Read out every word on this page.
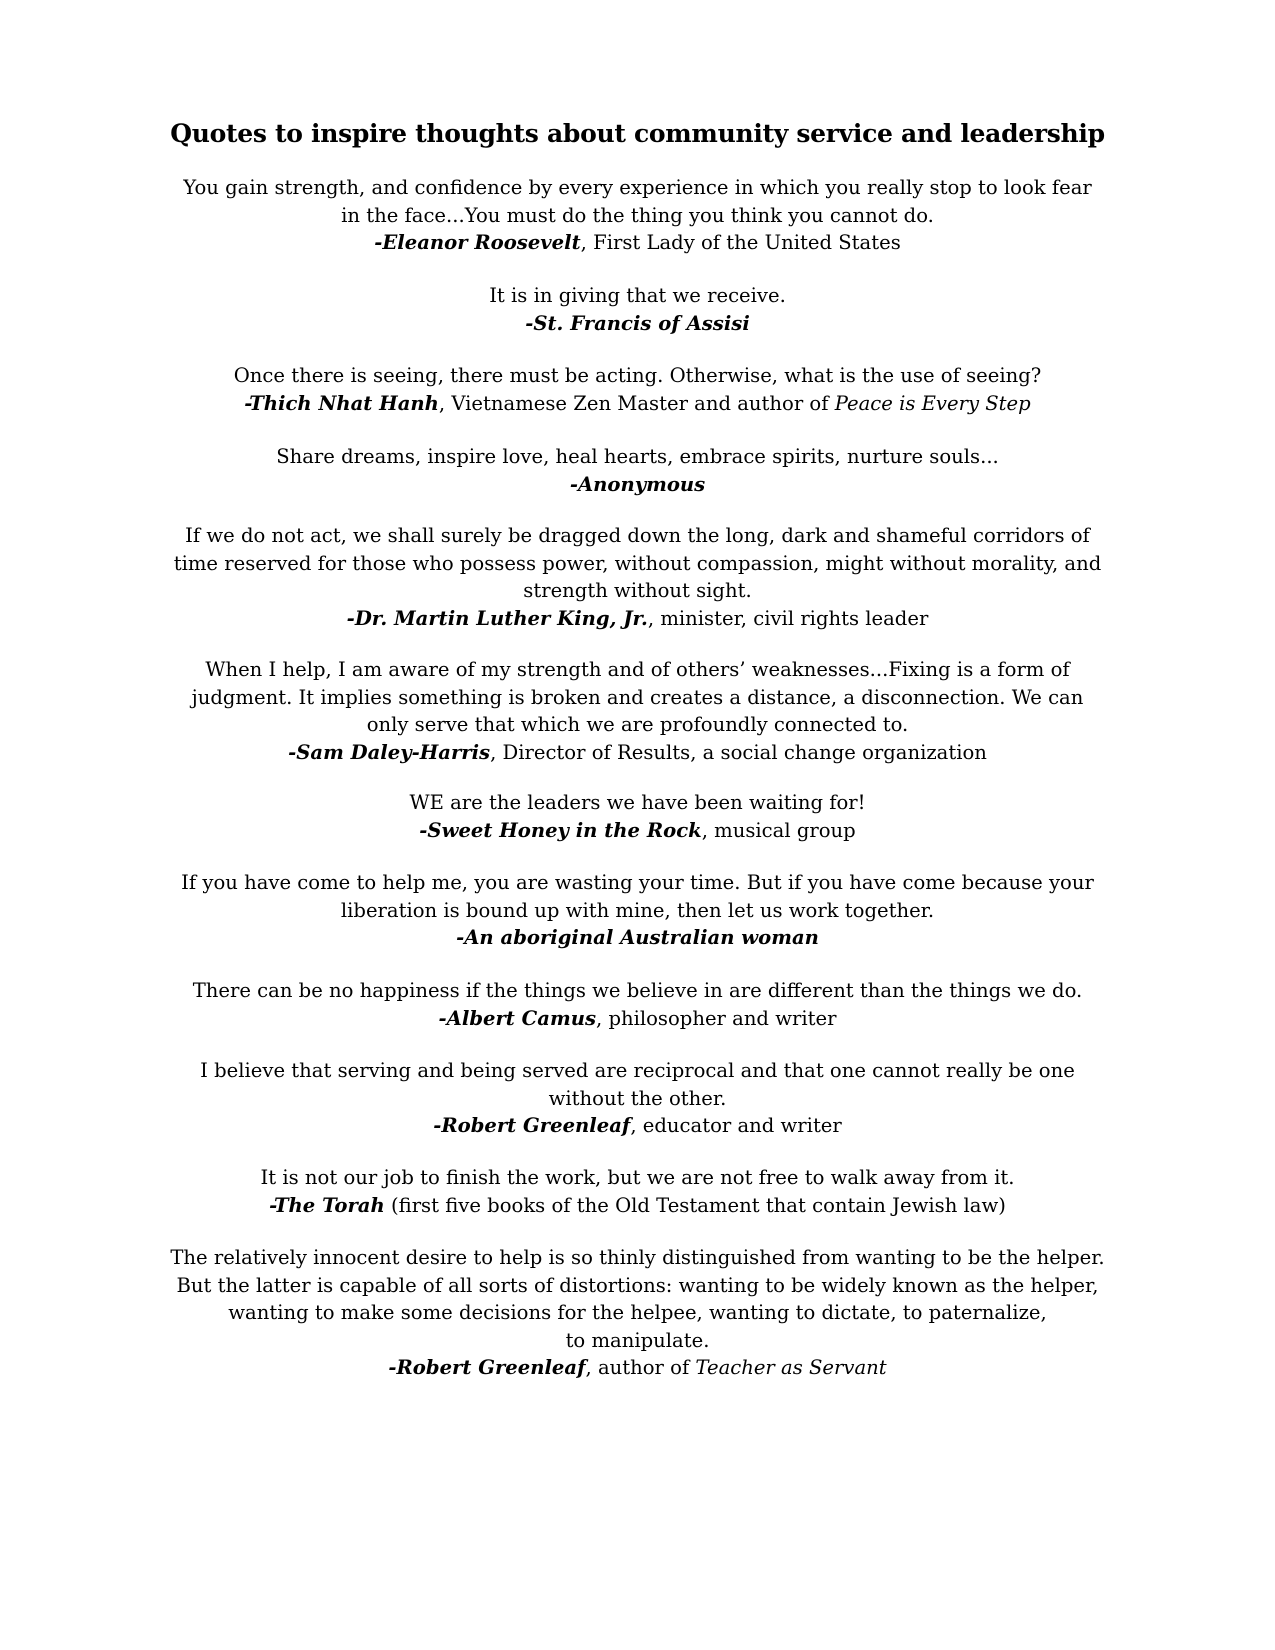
Quotes to inspire thoughts about community service and leadership
You gain strength, and confidence by every experience in which you really stop to look fear
in the face...You must do the thing you think you cannot do.
-Eleanor Roosevelt, First Lady of the United States
It is in giving that we receive.
-St. Francis of Assisi
Once there is seeing, there must be acting. Otherwise, what is the use of seeing?
-Thich Nhat Hanh, Vietnamese Zen Master and author of Peace is Every Step
Share dreams, inspire love, heal hearts, embrace spirits, nurture souls...
-Anonymous
If we do not act, we shall surely be dragged down the long, dark and shameful corridors of
time reserved for those who possess power, without compassion, might without morality, and
strength without sight.
-Dr. Martin Luther King, Jr., minister, civil rights leader
When I help, I am aware of my strength and of others’ weaknesses...Fixing is a form of
judgment. It implies something is broken and creates a distance, a disconnection. We can
only serve that which we are profoundly connected to.
-Sam Daley-Harris, Director of Results, a social change organization
WE are the leaders we have been waiting for!
-Sweet Honey in the Rock, musical group
If you have come to help me, you are wasting your time. But if you have come because your
liberation is bound up with mine, then let us work together.
-An aboriginal Australian woman
There can be no happiness if the things we believe in are different than the things we do.
-Albert Camus, philosopher and writer
I believe that serving and being served are reciprocal and that one cannot really be one
without the other.
-Robert Greenleaf, educator and writer
It is not our job to finish the work, but we are not free to walk away from it.
-The Torah (first five books of the Old Testament that contain Jewish law)
The relatively innocent desire to help is so thinly distinguished from wanting to be the helper.
But the latter is capable of all sorts of distortions: wanting to be widely known as the helper,
wanting to make some decisions for the helpee, wanting to dictate, to paternalize,
to manipulate.
-Robert Greenleaf, author of Teacher as Servant
